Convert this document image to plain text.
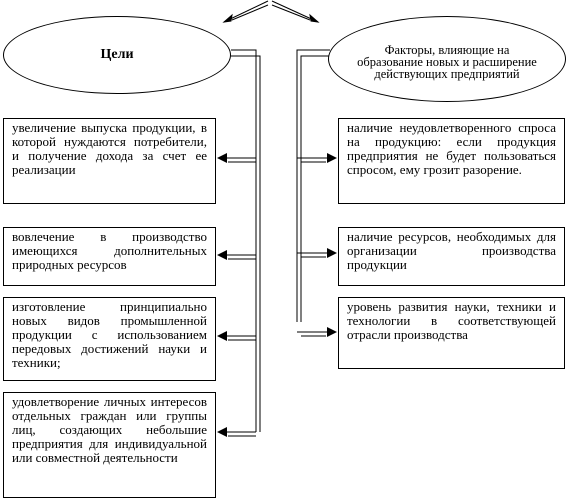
Цели	Факторы, влияющие на образование новых и расширение действующих предприятий
увеличение выпуска продукции, в которой нуждаются потребители, и получение дохода за счет ее реализации
вовлечение в производство имеющихся дополнительных природных ресурсов
изготовление принципиально новых видов промышленной продукции с использованием передовых достижений науки и техники;
удовлетворение личных интересов отдельных граждан или группы лиц, создающих небольшие предприятия для индивидуальной или совместной деятельности
наличие неудовлетворенного спроса на продукцию: если продукция предприятия не будет пользоваться спросом, ему грозит разорение.
наличие ресурсов, необходимых для организации производства продукции
уровень развития науки, техники и технологии в соответствующей отрасли производства
